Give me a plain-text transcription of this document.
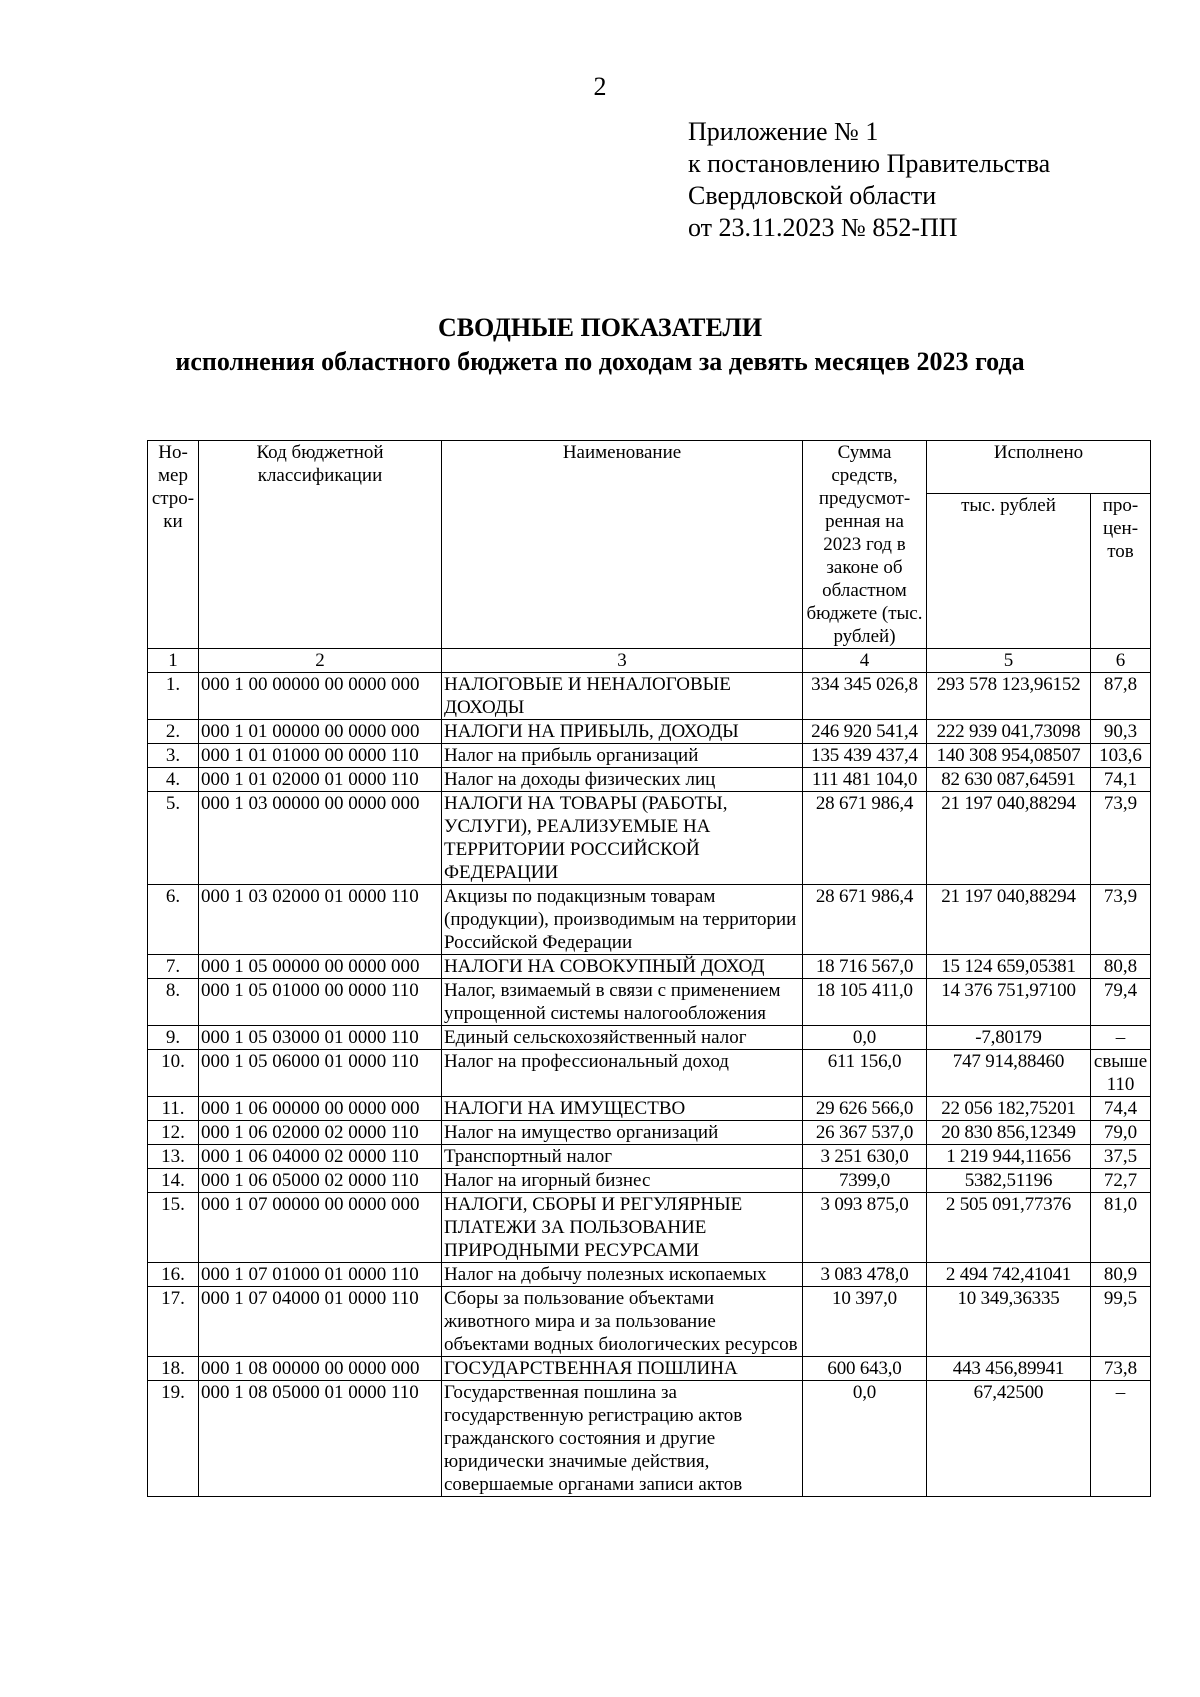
2
Приложение № 1
к постановлению Правительства
Свердловской области
от 23.11.2023 № 852-ПП
СВОДНЫЕ ПОКАЗАТЕЛИ
исполнения областного бюджета по доходам за девять месяцев 2023 года
Но-мер стро-ки	Код бюджетной классификации	Наименование	Сумма средств, предусмот-ренная на 2023 год в законе об областном бюджете (тыс. рублей)	Исполнено	
				тыс. рублей	про-цен-тов
1	2	3	4	5	6
1.	000 1 00 00000 00 0000 000	НАЛОГОВЫЕ И НЕНАЛОГОВЫЕ ДОХОДЫ	334 345 026,8	293 578 123,96152	87,8
2.	000 1 01 00000 00 0000 000	НАЛОГИ НА ПРИБЫЛЬ, ДОХОДЫ	246 920 541,4	222 939 041,73098	90,3
3.	000 1 01 01000 00 0000 110	Налог на прибыль организаций	135 439 437,4	140 308 954,08507	103,6
4.	000 1 01 02000 01 0000 110	Налог на доходы физических лиц	111 481 104,0	82 630 087,64591	74,1
5.	000 1 03 00000 00 0000 000	НАЛОГИ НА ТОВАРЫ (РАБОТЫ, УСЛУГИ), РЕАЛИЗУЕМЫЕ НА ТЕРРИТОРИИ РОССИЙСКОЙ ФЕДЕРАЦИИ	28 671 986,4	21 197 040,88294	73,9
6.	000 1 03 02000 01 0000 110	Акцизы по подакцизным товарам (продукции), производимым на территории Российской Федерации	28 671 986,4	21 197 040,88294	73,9
7.	000 1 05 00000 00 0000 000	НАЛОГИ НА СОВОКУПНЫЙ ДОХОД	18 716 567,0	15 124 659,05381	80,8
8.	000 1 05 01000 00 0000 110	Налог, взимаемый в связи с применением упрощенной системы налогообложения	18 105 411,0	14 376 751,97100	79,4
9.	000 1 05 03000 01 0000 110	Единый сельскохозяйственный налог	0,0	-7,80179	–
10.	000 1 05 06000 01 0000 110	Налог на профессиональный доход	611 156,0	747 914,88460	свыше 110
11.	000 1 06 00000 00 0000 000	НАЛОГИ НА ИМУЩЕСТВО	29 626 566,0	22 056 182,75201	74,4
12.	000 1 06 02000 02 0000 110	Налог на имущество организаций	26 367 537,0	20 830 856,12349	79,0
13.	000 1 06 04000 02 0000 110	Транспортный налог	3 251 630,0	1 219 944,11656	37,5
14.	000 1 06 05000 02 0000 110	Налог на игорный бизнес	7399,0	5382,51196	72,7
15.	000 1 07 00000 00 0000 000	НАЛОГИ, СБОРЫ И РЕГУЛЯРНЫЕ ПЛАТЕЖИ ЗА ПОЛЬЗОВАНИЕ ПРИРОДНЫМИ РЕСУРСАМИ	3 093 875,0	2 505 091,77376	81,0
16.	000 1 07 01000 01 0000 110	Налог на добычу полезных ископаемых	3 083 478,0	2 494 742,41041	80,9
17.	000 1 07 04000 01 0000 110	Сборы за пользование объектами животного мира и за пользование объектами водных биологических ресурсов	10 397,0	10 349,36335	99,5
18.	000 1 08 00000 00 0000 000	ГОСУДАРСТВЕННАЯ ПОШЛИНА	600 643,0	443 456,89941	73,8
19.	000 1 08 05000 01 0000 110	Государственная пошлина за государственную регистрацию актов гражданского состояния и другие юридически значимые действия, совершаемые органами записи актов	0,0	67,42500	–
